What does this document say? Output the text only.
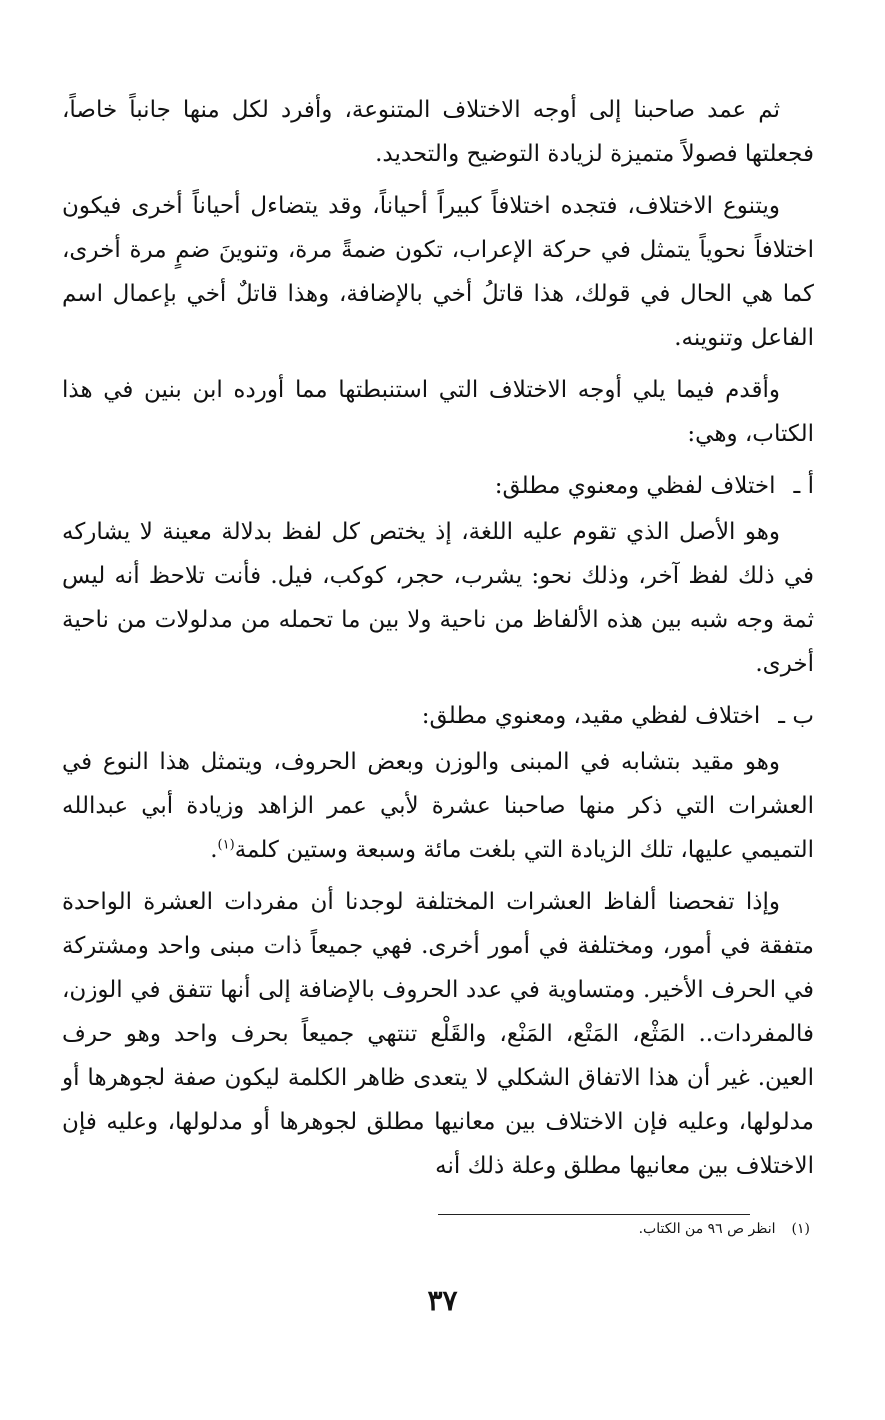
ثم عمد صاحبنا إلى أوجه الاختلاف المتنوعة، وأفرد لكل منها جانباً خاصاً، فجعلتها فصولاً متميزة لزيادة التوضيح والتحديد.

ويتنوع الاختلاف، فتجده اختلافاً كبيراً أحياناً، وقد يتضاءل أحياناً أخرى فيكون اختلافاً نحوياً يتمثل في حركة الإعراب، تكون ضمةً مرة، وتنوينَ ضمٍ مرة أخرى، كما هي الحال في قولك، هذا قاتلُ أخي بالإضافة، وهذا قاتلٌ أخي بإعمال اسم الفاعل وتنوينه.

وأقدم فيما يلي أوجه الاختلاف التي استنبطتها مما أورده ابن بنين في هذا الكتاب، وهي:

أ ـاختلاف لفظي ومعنوي مطلق:

وهو الأصل الذي تقوم عليه اللغة، إذ يختص كل لفظ بدلالة معينة لا يشاركه في ذلك لفظ آخر، وذلك نحو: يشرب، حجر، كوكب، فيل. فأنت تلاحظ أنه ليس ثمة وجه شبه بين هذه الألفاظ من ناحية ولا بين ما تحمله من مدلولات من ناحية أخرى.

ب ـاختلاف لفظي مقيد، ومعنوي مطلق:

وهو مقيد بتشابه في المبنى والوزن وبعض الحروف، ويتمثل هذا النوع في العشرات التي ذكر منها صاحبنا عشرة لأبي عمر الزاهد وزيادة أبي عبدالله التميمي عليها، تلك الزيادة التي بلغت مائة وسبعة وستين كلمة$^{(١)}$.

وإذا تفحصنا ألفاظ العشرات المختلفة لوجدنا أن مفردات العشرة الواحدة متفقة في أمور، ومختلفة في أمور أخرى. فهي جميعاً ذات مبنى واحد ومشتركة في الحرف الأخير. ومتساوية في عدد الحروف بالإضافة إلى أنها تتفق في الوزن، فالمفردات.. المَثْع، المَتْع، المَنْع، والقَلْع تنتهي جميعاً بحرف واحد وهو حرف العين. غير أن هذا الاتفاق الشكلي لا يتعدى ظاهر الكلمة ليكون صفة لجوهرها أو مدلولها، وعليه فإن الاختلاف بين معانيها مطلق لجوهرها أو مدلولها، وعليه فإن الاختلاف بين معانيها مطلق وعلة ذلك أنه

(١)انظر ص ٩٦ من الكتاب.
٣٧
